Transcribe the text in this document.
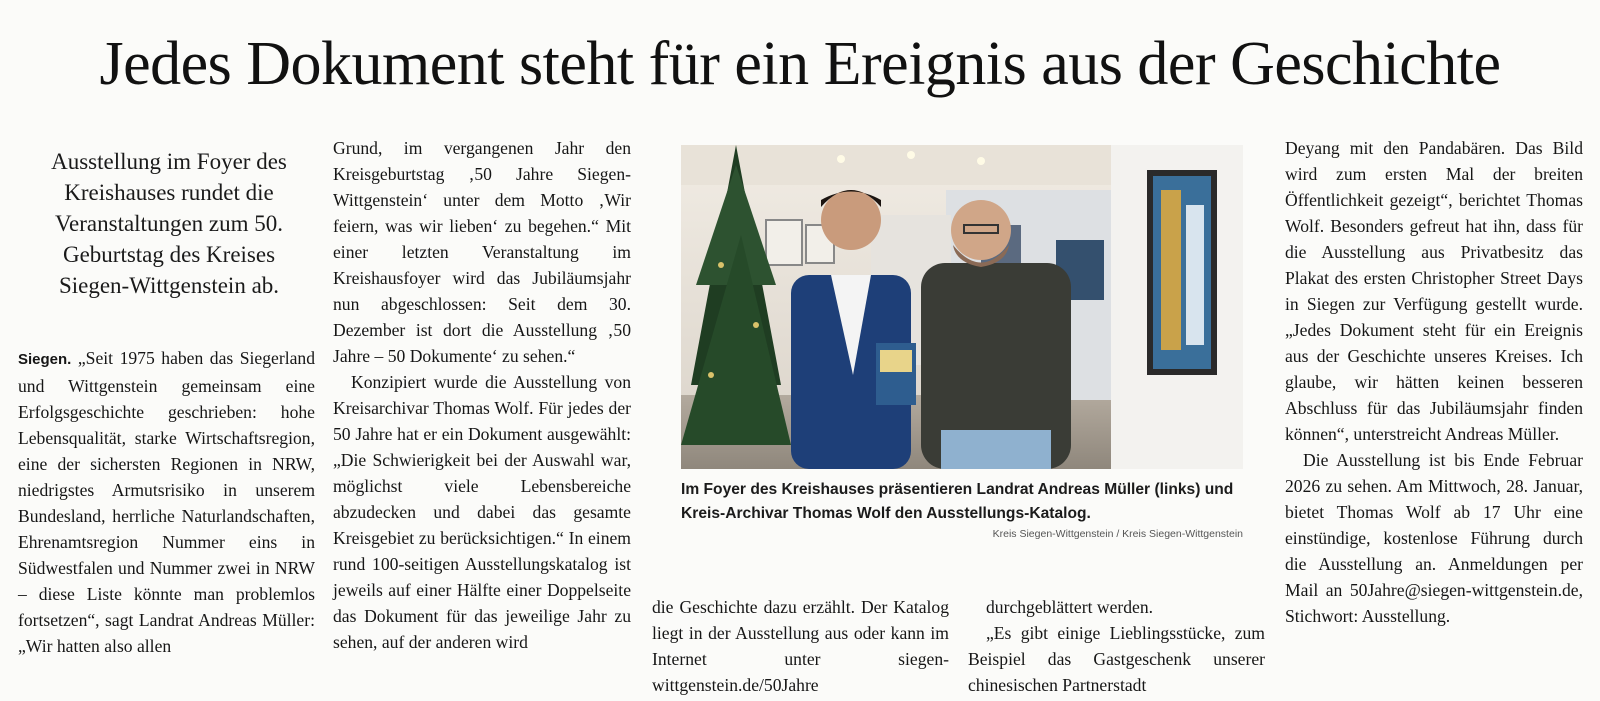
Jedes Dokument steht für ein Ereignis aus der Geschichte
Ausstellung im Foyer des Kreishauses rundet die Veranstaltungen zum 50. Geburtstag des Kreises Siegen-Wittgenstein ab.

Siegen. „Seit 1975 haben das Siegerland und Wittgenstein gemeinsam eine Erfolgsgeschichte geschrieben: hohe Lebensqualität, starke Wirtschaftsregion, eine der sichersten Regionen in NRW, niedrigstes Armutsrisiko in unserem Bundesland, herrliche Naturlandschaften, Ehrenamtsregion Nummer eins in Südwestfalen und Nummer zwei in NRW – diese Liste könnte man problemlos fortsetzen“, sagt Landrat Andreas Müller: „Wir hatten also allen

Grund, im vergangenen Jahr den Kreisgeburtstag ‚50 Jahre Siegen-Wittgenstein‘ unter dem Motto ‚Wir feiern, was wir lieben‘ zu begehen.“ Mit einer letzten Veranstaltung im Kreishausfoyer wird das Jubiläumsjahr nun abgeschlossen: Seit dem 30. Dezember ist dort die Ausstellung ‚50 Jahre – 50 Dokumente‘ zu sehen.“

Konzipiert wurde die Ausstellung von Kreisarchivar Thomas Wolf. Für jedes der 50 Jahre hat er ein Dokument ausgewählt: „Die Schwierigkeit bei der Auswahl war, möglichst viele Lebensbereiche abzudecken und dabei das gesamte Kreisgebiet zu berücksichtigen.“ In einem rund 100-seitigen Ausstellungskatalog ist jeweils auf einer Hälfte einer Doppelseite das Dokument für das jeweilige Jahr zu sehen, auf der anderen wird

Im Foyer des Kreishauses präsentieren Landrat Andreas Müller (links) und Kreis-Archivar Thomas Wolf den Ausstellungs-Katalog.
Kreis Siegen-Wittgenstein / Kreis Siegen-Wittgenstein

die Geschichte dazu erzählt. Der Katalog liegt in der Ausstellung aus oder kann im Internet unter siegen-wittgenstein.de/50Jahre

durchgeblättert werden.

„Es gibt einige Lieblingsstücke, zum Beispiel das Gastgeschenk unserer chinesischen Partnerstadt

Deyang mit den Pandabären. Das Bild wird zum ersten Mal der breiten Öffentlichkeit gezeigt“, berichtet Thomas Wolf. Besonders gefreut hat ihn, dass für die Ausstellung aus Privatbesitz das Plakat des ersten Christopher Street Days in Siegen zur Verfügung gestellt wurde. „Jedes Dokument steht für ein Ereignis aus der Geschichte unseres Kreises. Ich glaube, wir hätten keinen besseren Abschluss für das Jubiläumsjahr finden können“, unterstreicht Andreas Müller.

Die Ausstellung ist bis Ende Februar 2026 zu sehen. Am Mittwoch, 28. Januar, bietet Thomas Wolf ab 17 Uhr eine einstündige, kostenlose Führung durch die Ausstellung an. Anmeldungen per Mail an 50Jahre@siegen-wittgenstein.de, Stichwort: Ausstellung.
